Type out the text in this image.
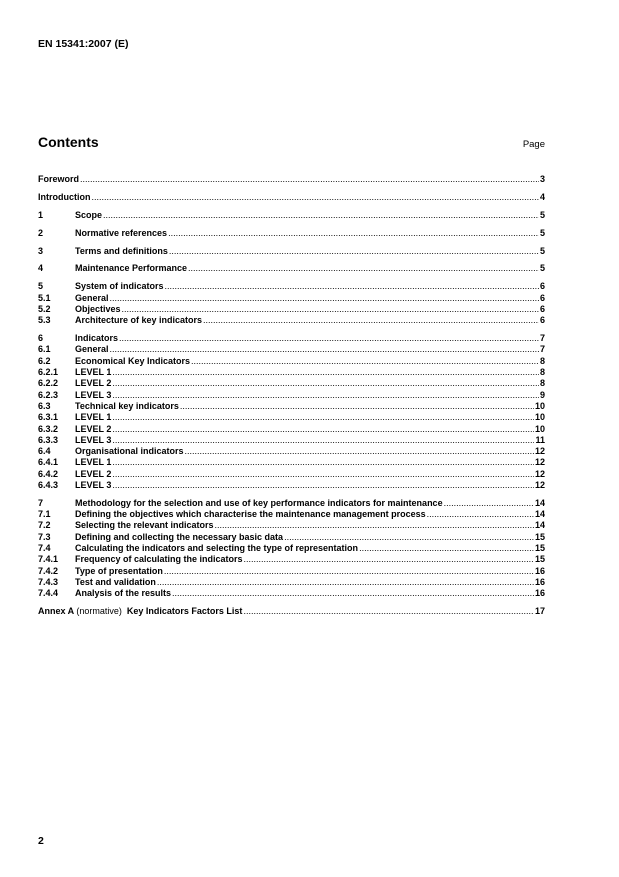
EN 15341:2007 (E)
Contents	Page
Foreword .....	3
Introduction .....	4
1	Scope .....	5
2	Normative references .....	5
3	Terms and definitions .....	5
4	Maintenance Performance .....	5
5	System of indicators .....	6
5.1	General .....	6
5.2	Objectives .....	6
5.3	Architecture of key indicators .....	6
6	Indicators .....	7
6.1	General .....	7
6.2	Economical Key Indicators .....	8
6.2.1	LEVEL 1 .....	8
6.2.2	LEVEL 2 .....	8
6.2.3	LEVEL 3 .....	9
6.3	Technical key indicators .....	10
6.3.1	LEVEL 1 .....	10
6.3.2	LEVEL 2 .....	10
6.3.3	LEVEL 3 .....	11
6.4	Organisational indicators .....	12
6.4.1	LEVEL 1 .....	12
6.4.2	LEVEL 2 .....	12
6.4.3	LEVEL 3 .....	12
7	Methodology for the selection and use of key performance indicators for maintenance .....	14
7.1	Defining the objectives which characterise the maintenance management process .....	14
7.2	Selecting the relevant indicators .....	14
7.3	Defining and collecting the necessary basic data .....	15
7.4	Calculating the indicators and selecting the type of representation .....	15
7.4.1	Frequency of calculating the indicators .....	15
7.4.2	Type of presentation .....	16
7.4.3	Test and validation .....	16
7.4.4	Analysis of the results .....	16
Annex A (normative) Key Indicators Factors List .....	17
2
